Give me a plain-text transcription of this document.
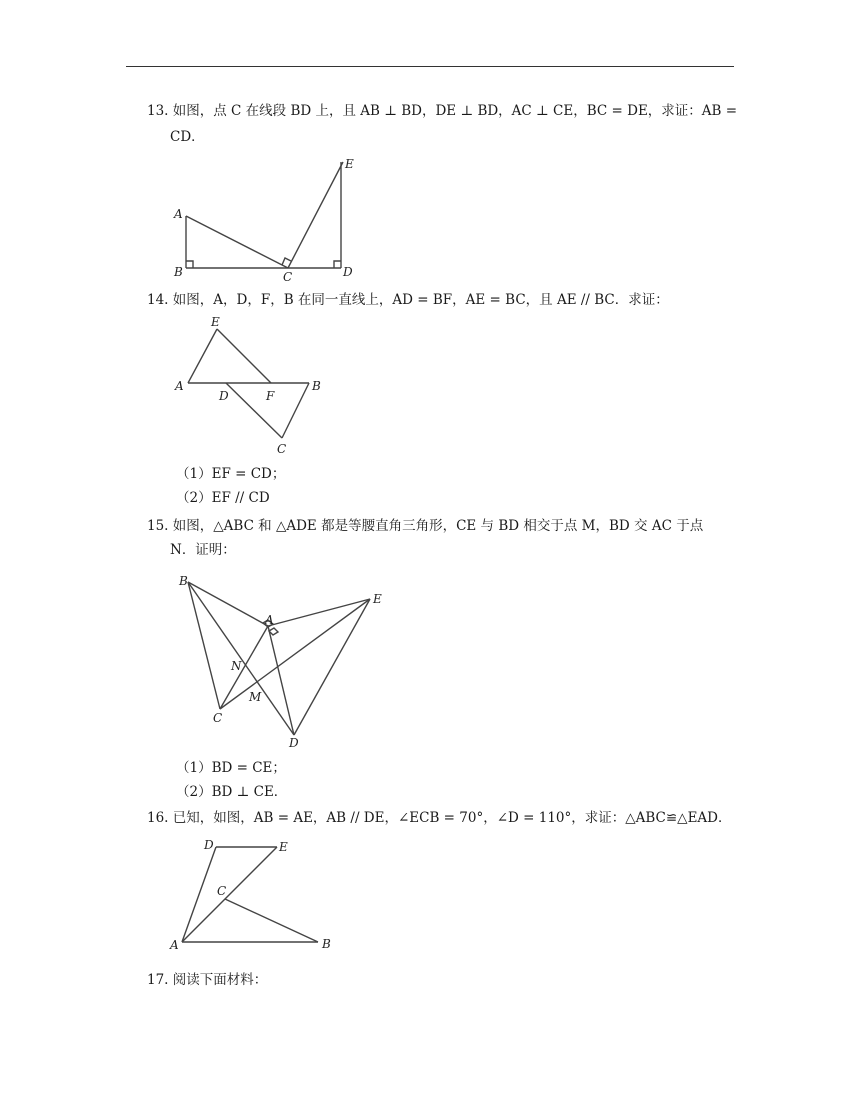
13. 如图，点 C 在线段 BD 上，且 AB ⊥ BD，DE ⊥ BD，AC ⊥ CE，BC = DE，求证：AB =
CD．
A
B	C	D
E
14. 如图，A，D，F，B 在同一直线上，AD = BF，AE = BC，且 AE // BC．求证：
E
A
D	F
B
C
（1）EF = CD；
（2）EF // CD
15. 如图，△ABC 和 △ADE 都是等腰直角三角形，CE 与 BD 相交于点 M，BD 交 AC 于点
N．证明：
B
A
E
N
M
C
D
（1）BD = CE；
（2）BD ⊥ CE．
16. 已知，如图，AB = AE，AB // DE，∠ECB = 70°，∠D = 110°，求证：△ABC≌△EAD．
D	E
C
A	B
17. 阅读下面材料：
